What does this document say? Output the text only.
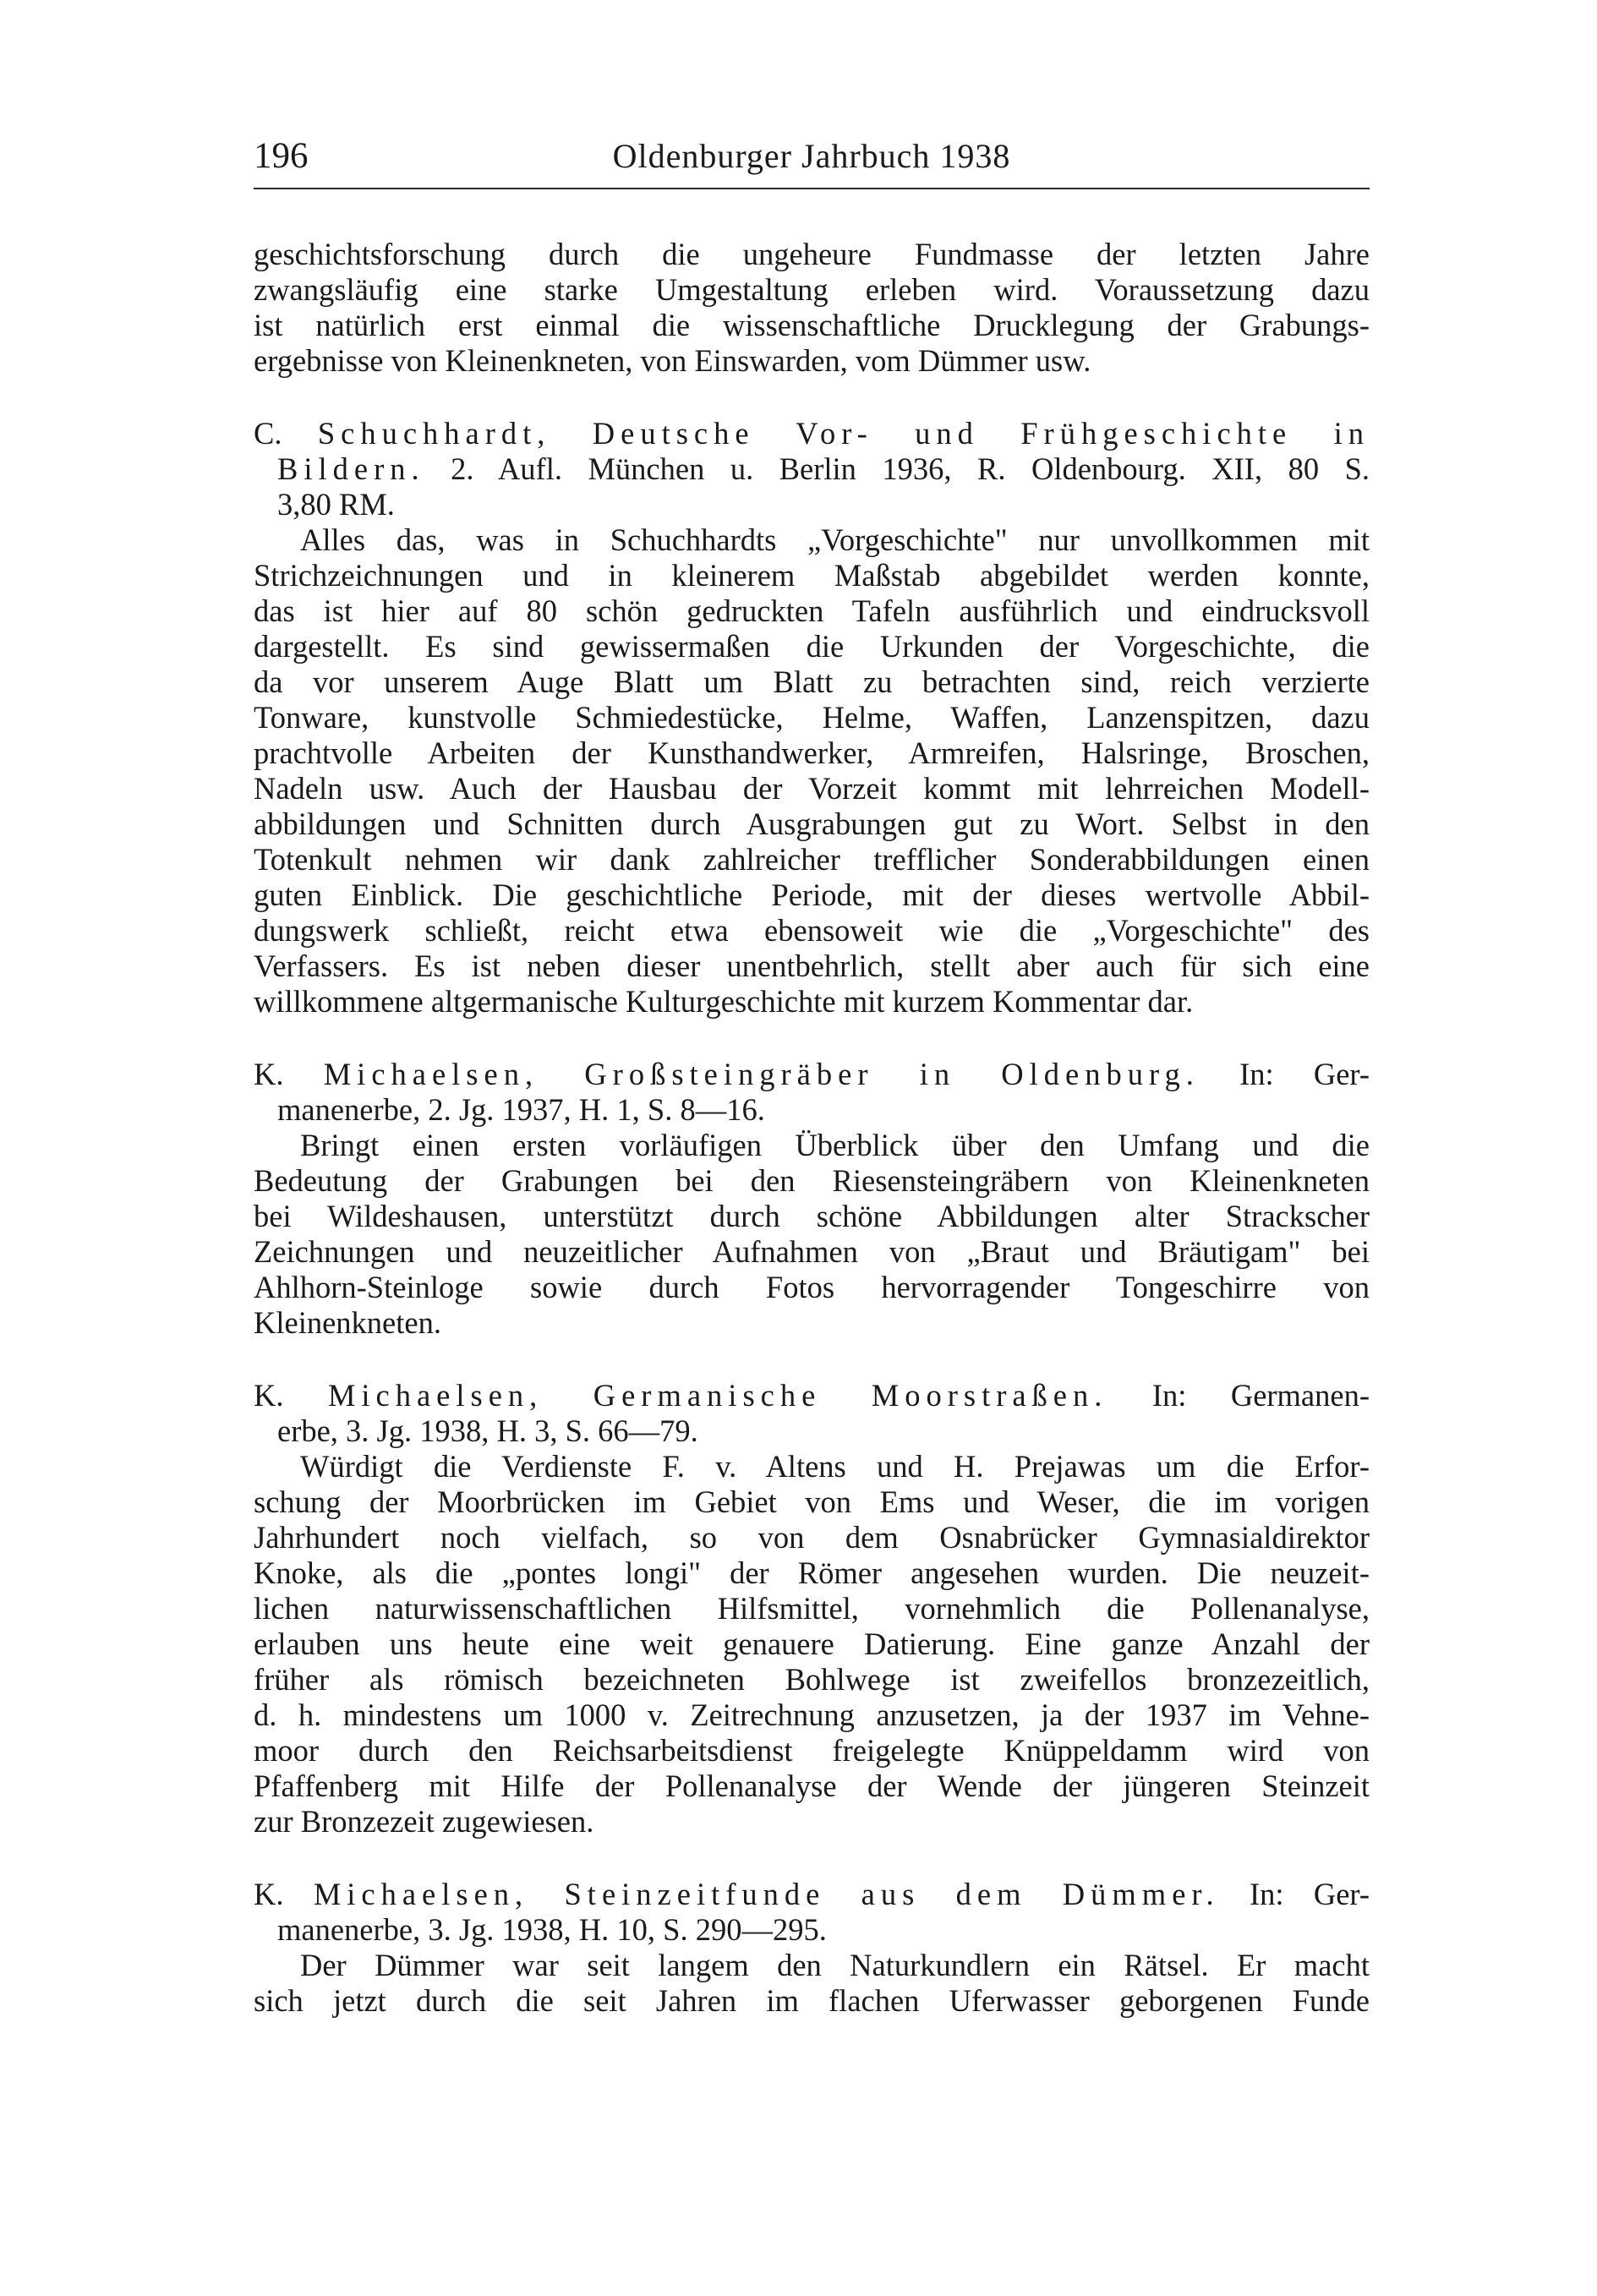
196	Oldenburger Jahrbuch 1938
geschichtsforschung durch die ungeheure Fundmasse der letzten Jahre
zwangsläufig eine starke Umgestaltung erleben wird. Voraussetzung dazu
ist natürlich erst einmal die wissenschaftliche Drucklegung der Grabungs-
ergebnisse von Kleinenkneten, von Einswarden, vom Dümmer usw.
C. Schuchhardt, Deutsche Vor- und Frühgeschichte in
Bildern. 2. Aufl. München u. Berlin 1936, R. Oldenbourg. XII, 80 S.
3,80 RM.
Alles das, was in Schuchhardts „Vorgeschichte" nur unvollkommen mit
Strichzeichnungen und in kleinerem Maßstab abgebildet werden konnte,
das ist hier auf 80 schön gedruckten Tafeln ausführlich und eindrucksvoll
dargestellt. Es sind gewissermaßen die Urkunden der Vorgeschichte, die
da vor unserem Auge Blatt um Blatt zu betrachten sind, reich verzierte
Tonware, kunstvolle Schmiedestücke, Helme, Waffen, Lanzenspitzen, dazu
prachtvolle Arbeiten der Kunsthandwerker, Armreifen, Halsringe, Broschen,
Nadeln usw. Auch der Hausbau der Vorzeit kommt mit lehrreichen Modell-
abbildungen und Schnitten durch Ausgrabungen gut zu Wort. Selbst in den
Totenkult nehmen wir dank zahlreicher trefflicher Sonderabbildungen einen
guten Einblick. Die geschichtliche Periode, mit der dieses wertvolle Abbil-
dungswerk schließt, reicht etwa ebensoweit wie die „Vorgeschichte" des
Verfassers. Es ist neben dieser unentbehrlich, stellt aber auch für sich eine
willkommene altgermanische Kulturgeschichte mit kurzem Kommentar dar.
K. Michaelsen, Großsteingräber in Oldenburg. In: Ger-
manenerbe, 2. Jg. 1937, H. 1, S. 8—16.
Bringt einen ersten vorläufigen Überblick über den Umfang und die
Bedeutung der Grabungen bei den Riesensteingräbern von Kleinenkneten
bei Wildeshausen, unterstützt durch schöne Abbildungen alter Strackscher
Zeichnungen und neuzeitlicher Aufnahmen von „Braut und Bräutigam" bei
Ahlhorn-Steinloge sowie durch Fotos hervorragender Tongeschirre von
Kleinenkneten.
K. Michaelsen, Germanische Moorstraßen. In: Germanen-
erbe, 3. Jg. 1938, H. 3, S. 66—79.
Würdigt die Verdienste F. v. Altens und H. Prejawas um die Erfor-
schung der Moorbrücken im Gebiet von Ems und Weser, die im vorigen
Jahrhundert noch vielfach, so von dem Osnabrücker Gymnasialdirektor
Knoke, als die „pontes longi" der Römer angesehen wurden. Die neuzeit-
lichen naturwissenschaftlichen Hilfsmittel, vornehmlich die Pollenanalyse,
erlauben uns heute eine weit genauere Datierung. Eine ganze Anzahl der
früher als römisch bezeichneten Bohlwege ist zweifellos bronzezeitlich,
d. h. mindestens um 1000 v. Zeitrechnung anzusetzen, ja der 1937 im Vehne-
moor durch den Reichsarbeitsdienst freigelegte Knüppeldamm wird von
Pfaffenberg mit Hilfe der Pollenanalyse der Wende der jüngeren Steinzeit
zur Bronzezeit zugewiesen.
K. Michaelsen, Steinzeitfunde aus dem Dümmer. In: Ger-
manenerbe, 3. Jg. 1938, H. 10, S. 290—295.
Der Dümmer war seit langem den Naturkundlern ein Rätsel. Er macht
sich jetzt durch die seit Jahren im flachen Uferwasser geborgenen Funde
